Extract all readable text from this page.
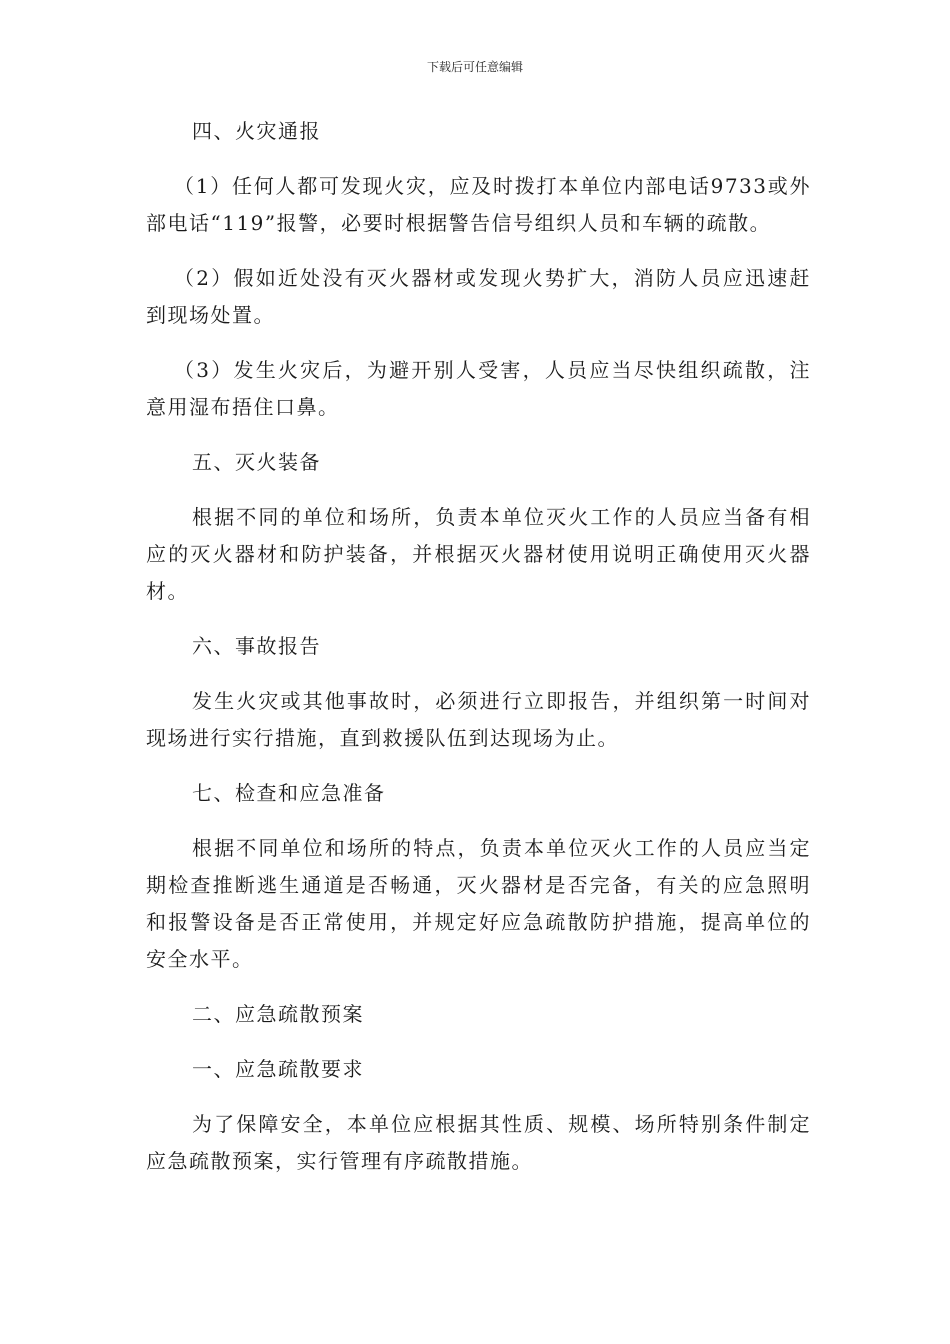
下载后可任意编辑
四、火灾通报
（1）任何人都可发现火灾，应及时拨打本单位内部电话9733或外部电话“119”报警，必要时根据警告信号组织人员和车辆的疏散。
（2）假如近处没有灭火器材或发现火势扩大，消防人员应迅速赶到现场处置。
（3）发生火灾后，为避开别人受害，人员应当尽快组织疏散，注意用湿布捂住口鼻。
五、灭火装备
根据不同的单位和场所，负责本单位灭火工作的人员应当备有相应的灭火器材和防护装备，并根据灭火器材使用说明正确使用灭火器材。
六、事故报告
发生火灾或其他事故时，必须进行立即报告，并组织第一时间对现场进行实行措施，直到救援队伍到达现场为止。
七、检查和应急准备
根据不同单位和场所的特点，负责本单位灭火工作的人员应当定期检查推断逃生通道是否畅通，灭火器材是否完备，有关的应急照明和报警设备是否正常使用，并规定好应急疏散防护措施，提高单位的安全水平。
二、应急疏散预案
一、应急疏散要求
为了保障安全，本单位应根据其性质、规模、场所特别条件制定应急疏散预案，实行管理有序疏散措施。
